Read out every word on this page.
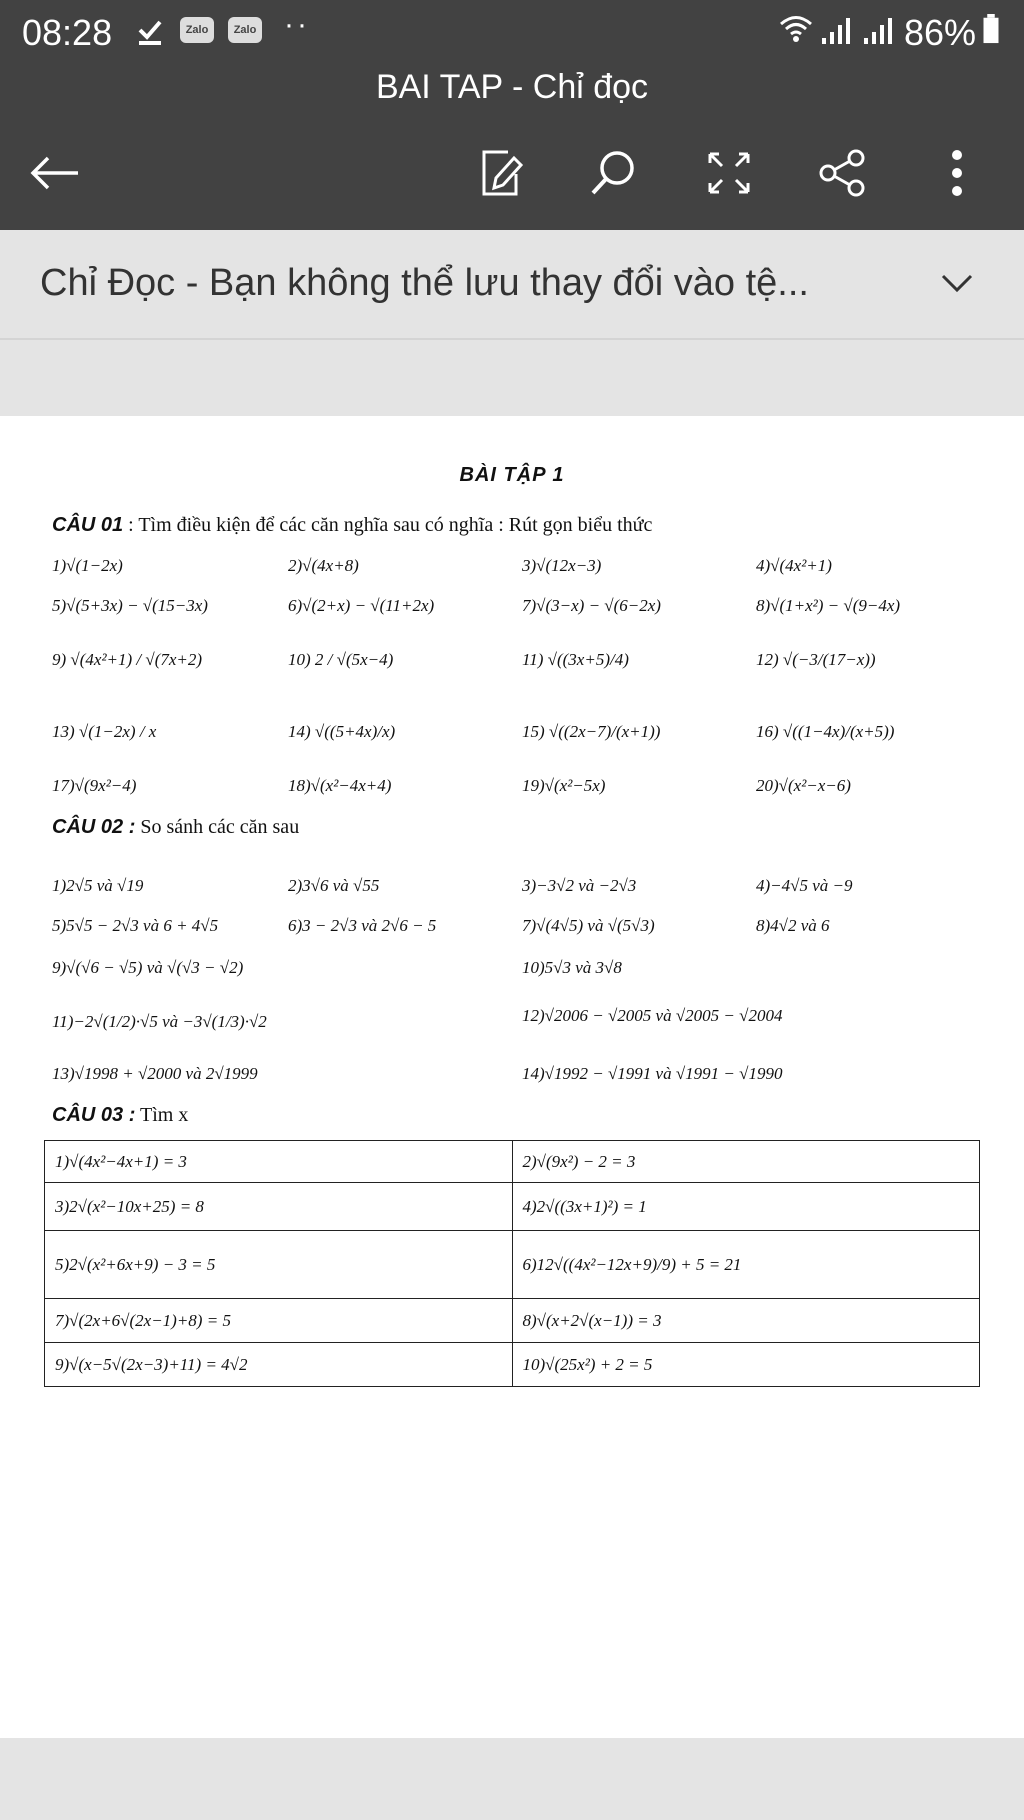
08:28	Zalo	Zalo ··	86%
BAI TAP - Chỉ đọc
Chỉ Đọc - Bạn không thể lưu thay đổi vào tệ...
BÀI TẬP 1
CÂU 01 : Tìm điều kiện để các căn nghĩa sau có nghĩa : Rút gọn biểu thức
1)√(1−2x)	2)√(4x+8)	3)√(12x−3)	4)√(4x²+1)
5)√(5+3x) − √(15−3x)	6)√(2+x) − √(11+2x)	7)√(3−x) − √(6−2x)	8)√(1+x²) − √(9−4x)
9) √(4x²+1) / √(7x+2)	10) 2 / √(5x−4)	11) √((3x+5)/4)	12) √(−3/(17−x))
13) √(1−2x) / x	14) √((5+4x)/x)	15) √((2x−7)/(x+1))	16) √((1−4x)/(x+5))
17)√(9x²−4)	18)√(x²−4x+4)	19)√(x²−5x)	20)√(x²−x−6)
CÂU 02 : So sánh các căn sau
1)2√5 và √19	2)3√6 và √55	3)−3√2 và −2√3	4)−4√5 và −9
5)5√5 − 2√3 và 6 + 4√5	6)3 − 2√3 và 2√6 − 5	7)√(4√5) và √(5√3)	8)4√2 và 6
9)√(√6 − √5) và √(√3 − √2)	10)5√3 và 3√8
11)−2√(1/2)·√5 và −3√(1/3)·√2	12)√2006 − √2005 và √2005 − √2004
13)√1998 + √2000 và 2√1999	14)√1992 − √1991 và √1991 − √1990
CÂU 03 : Tìm x
1)√(4x²−4x+1) = 3	2)√(9x²) − 2 = 3
3)2√(x²−10x+25) = 8	4)2√((3x+1)²) = 1
5)2√(x²+6x+9) − 3 = 5	6)12√((4x²−12x+9)/9) + 5 = 21
7)√(2x+6√(2x−1)+8) = 5	8)√(x+2√(x−1)) = 3
9)√(x−5√(2x−3)+11) = 4√2	10)√(25x²) + 2 = 5
